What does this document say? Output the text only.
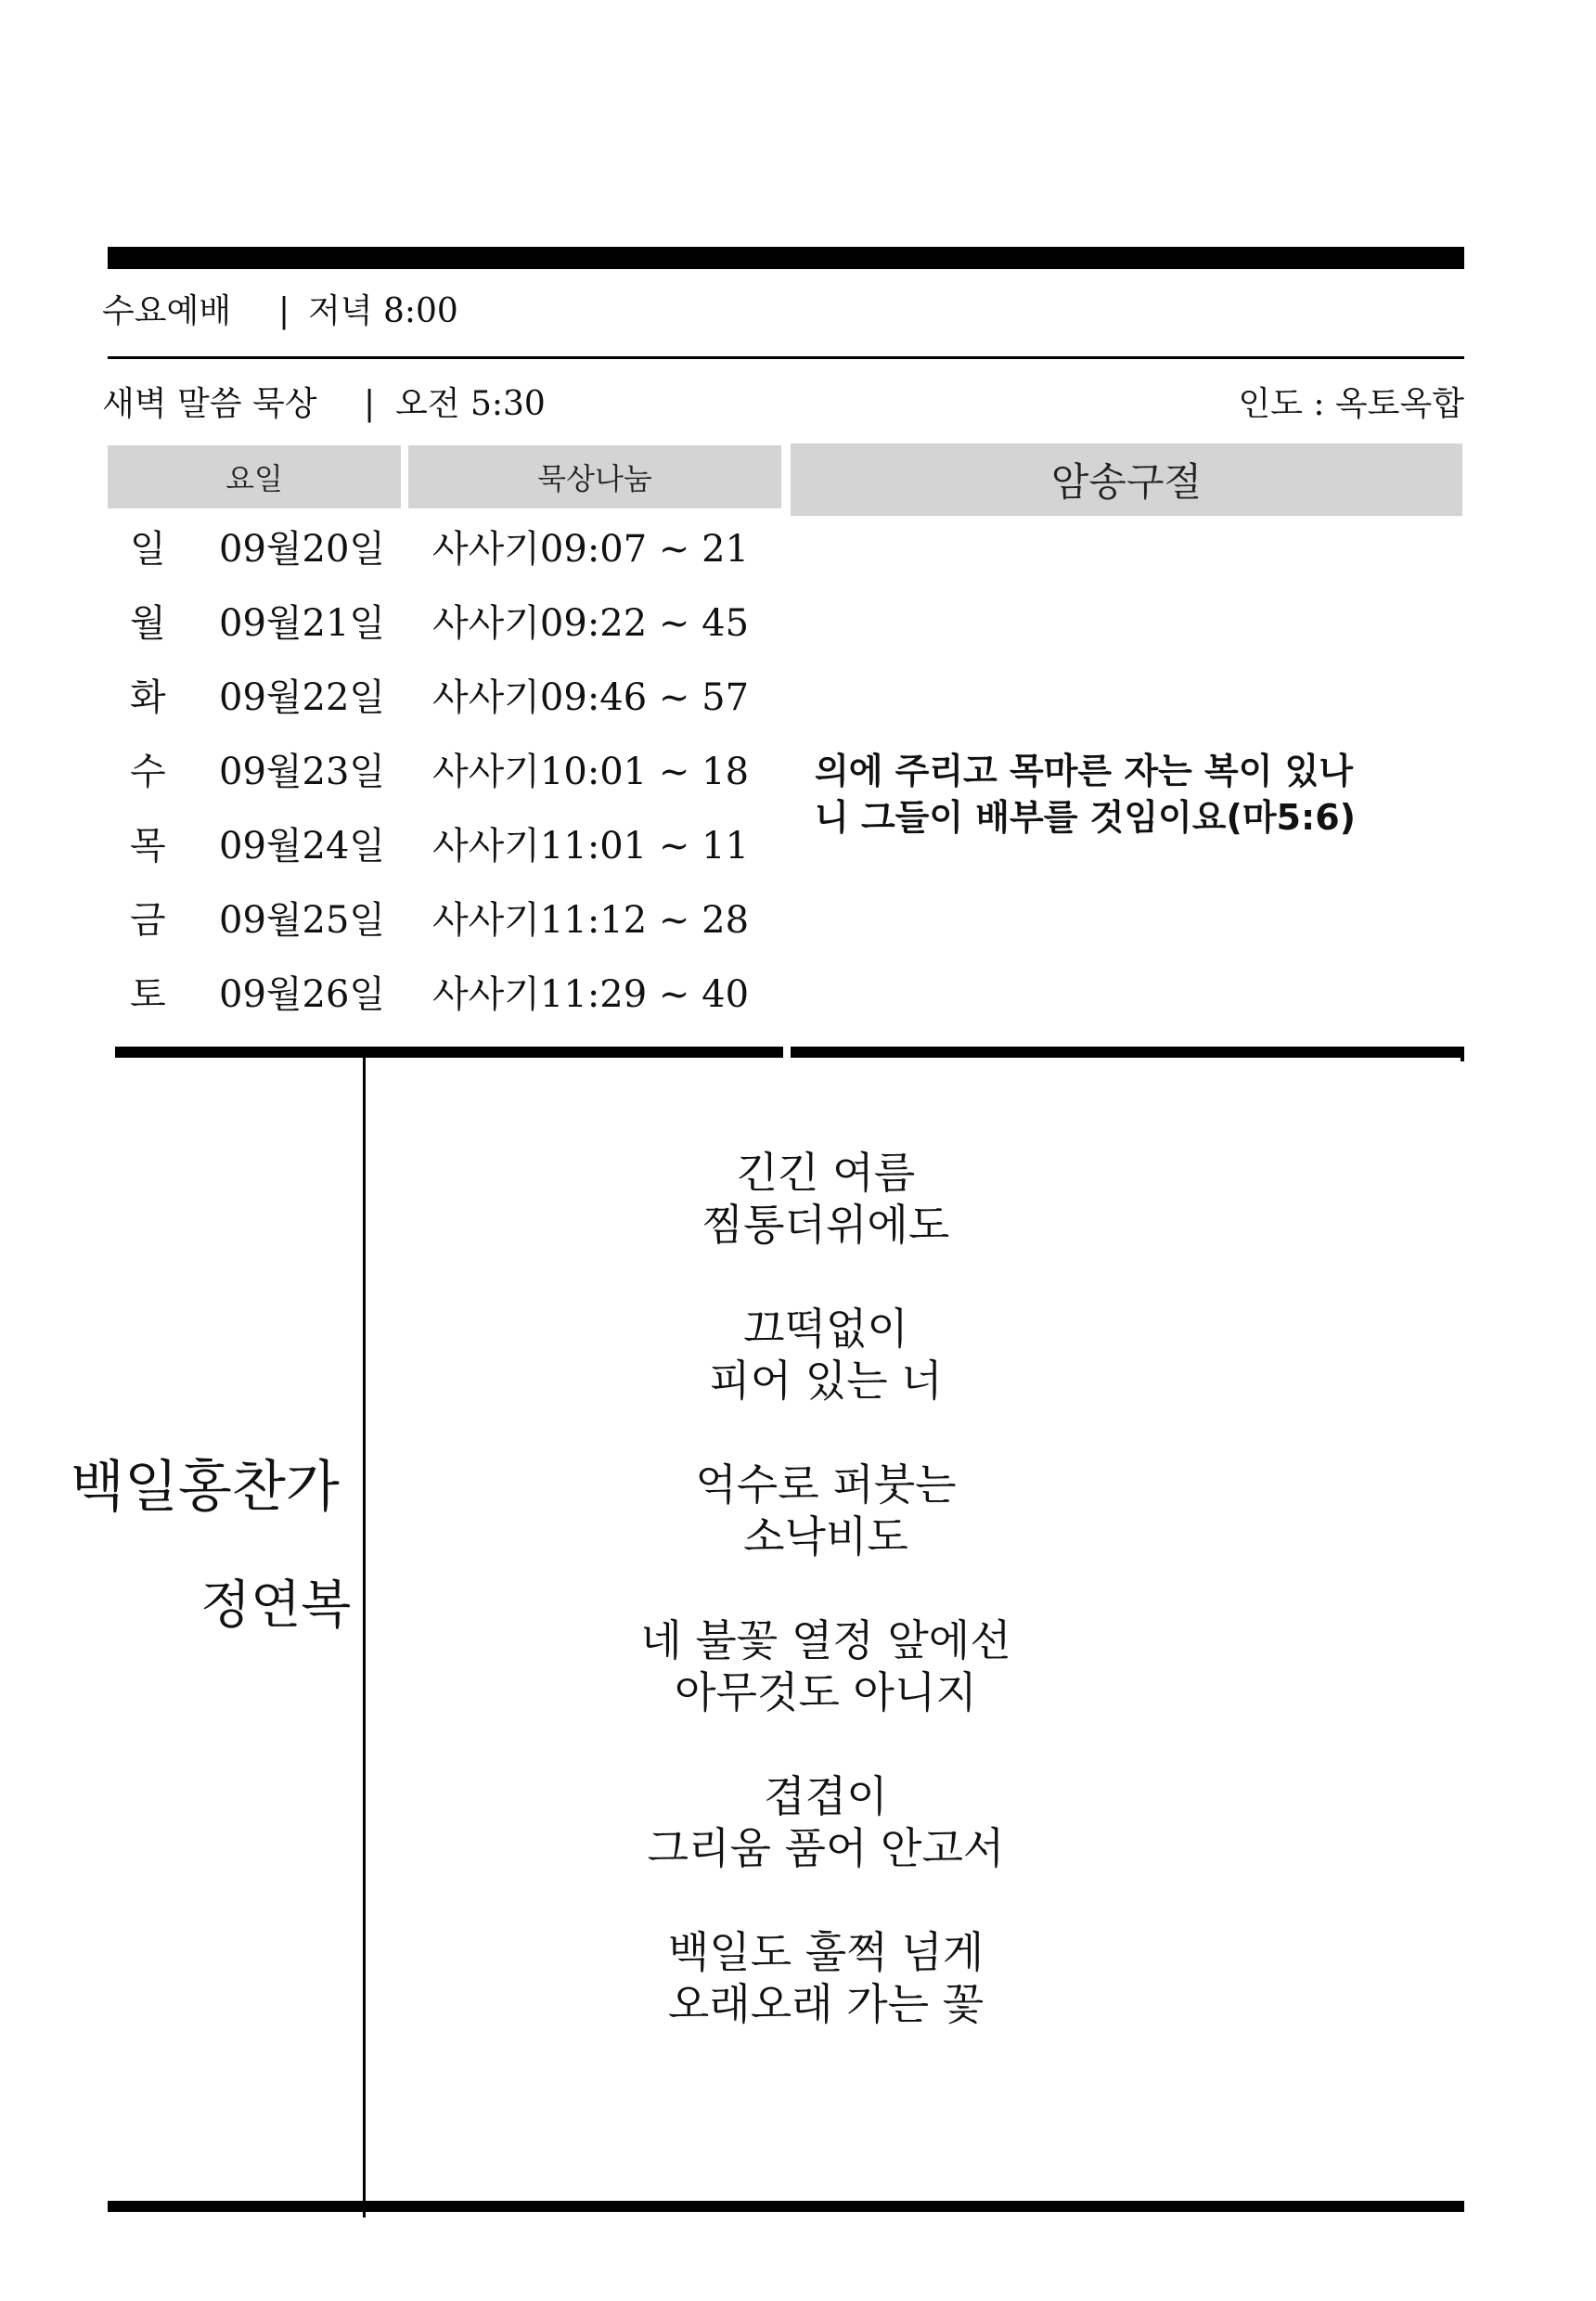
수요예배 | 저녁 8:00
새벽 말씀 묵상 | 오전 5:30	인도 : 옥토옥합
요일	묵상나눔	암송구절
일 09월20일 사사기09:07 ~ 21
월 09월21일 사사기09:22 ~ 45
화 09월22일 사사기09:46 ~ 57
수 09월23일 사사기10:01 ~ 18
목 09월24일 사사기11:01 ~ 11
금 09월25일 사사기11:12 ~ 28
토 09월26일 사사기11:29 ~ 40
의에 주리고 목마른 자는 복이 있나
니 그들이 배부를 것임이요(마5:6)
백일홍찬가
정연복
긴긴 여름
찜통더위에도
끄떡없이
피어 있는 너
억수로 퍼붓는
소낙비도
네 불꽃 열정 앞에선
아무것도 아니지
겹겹이
그리움 품어 안고서
백일도 훌쩍 넘게
오래오래 가는 꽃
